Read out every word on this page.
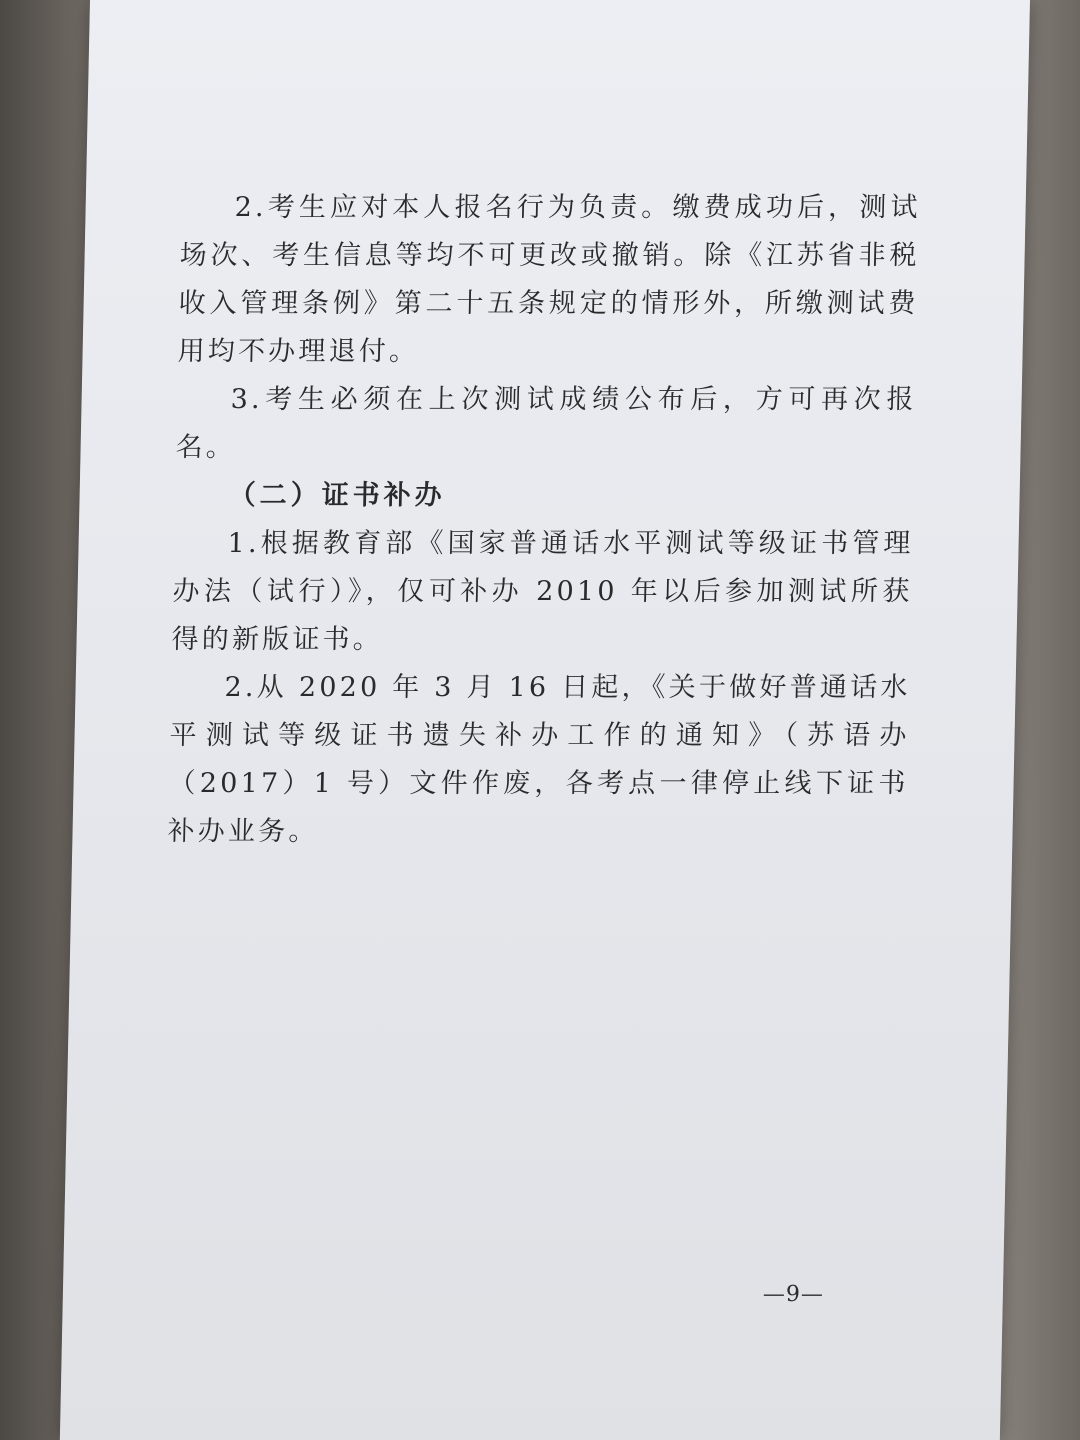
2.考生应对本人报名行为负责。缴费成功后，测试场次、考生信息等均不可更改或撤销。除《江苏省非税收入管理条例》第二十五条规定的情形外，所缴测试费用均不办理退付。

3.考生必须在上次测试成绩公布后，方可再次报名。

（二）证书补办

1.根据教育部《国家普通话水平测试等级证书管理办法（试行）》，仅可补办 2010 年以后参加测试所获得的新版证书。

2.从 2020 年 3 月 16 日起，《关于做好普通话水平测试等级证书遗失补办工作的通知》（苏语办（2017）1 号）文件作废，各考点一律停止线下证书补办业务。

—9—
